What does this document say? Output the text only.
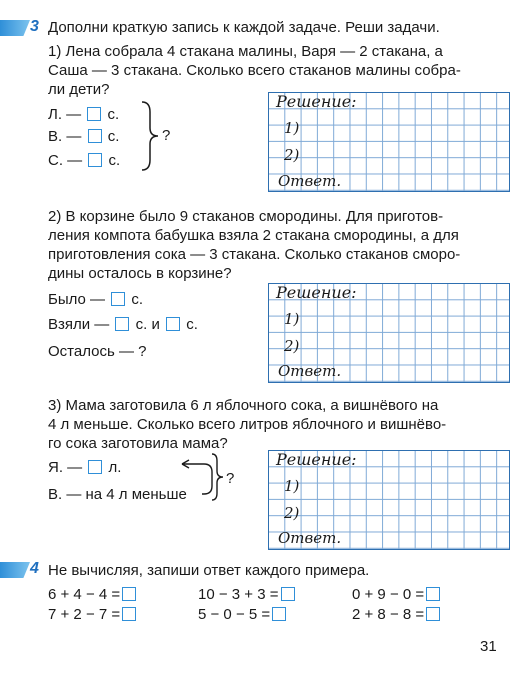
3 Дополни краткую запись к каждой задаче. Реши задачи.
1) Лена собрала 4 стакана малины, Варя — 2 стакана, а
Саша — 3 стакана. Сколько всего стаканов малины собра-
ли дети?
Л. — с.
В. — с.
С. — с.
?
Решение:
1)
2)
Ответ.
2) В корзине было 9 стаканов смородины. Для приготов-
ления компота бабушка взяла 2 стакана смородины, а для
приготовления сока — 3 стакана. Сколько стаканов сморо-
дины осталось в корзине?
Было — с.
Взяли — с. и с.
Осталось — ?
Решение:
1)
2)
Ответ.
3) Мама заготовила 6 л яблочного сока, а вишнёвого на
4 л меньше. Сколько всего литров яблочного и вишнёво-
го сока заготовила мама?
Я. — л.
В. — на 4 л меньше
?
Решение:
1)
2)
Ответ.
4 Не вычисляя, запиши ответ каждого примера.
6 + 4 − 4 =	10 − 3 + 3 =	0 + 9 − 0 =
7 + 2 − 7 =	5 − 0 − 5 =	2 + 8 − 8 =
31
